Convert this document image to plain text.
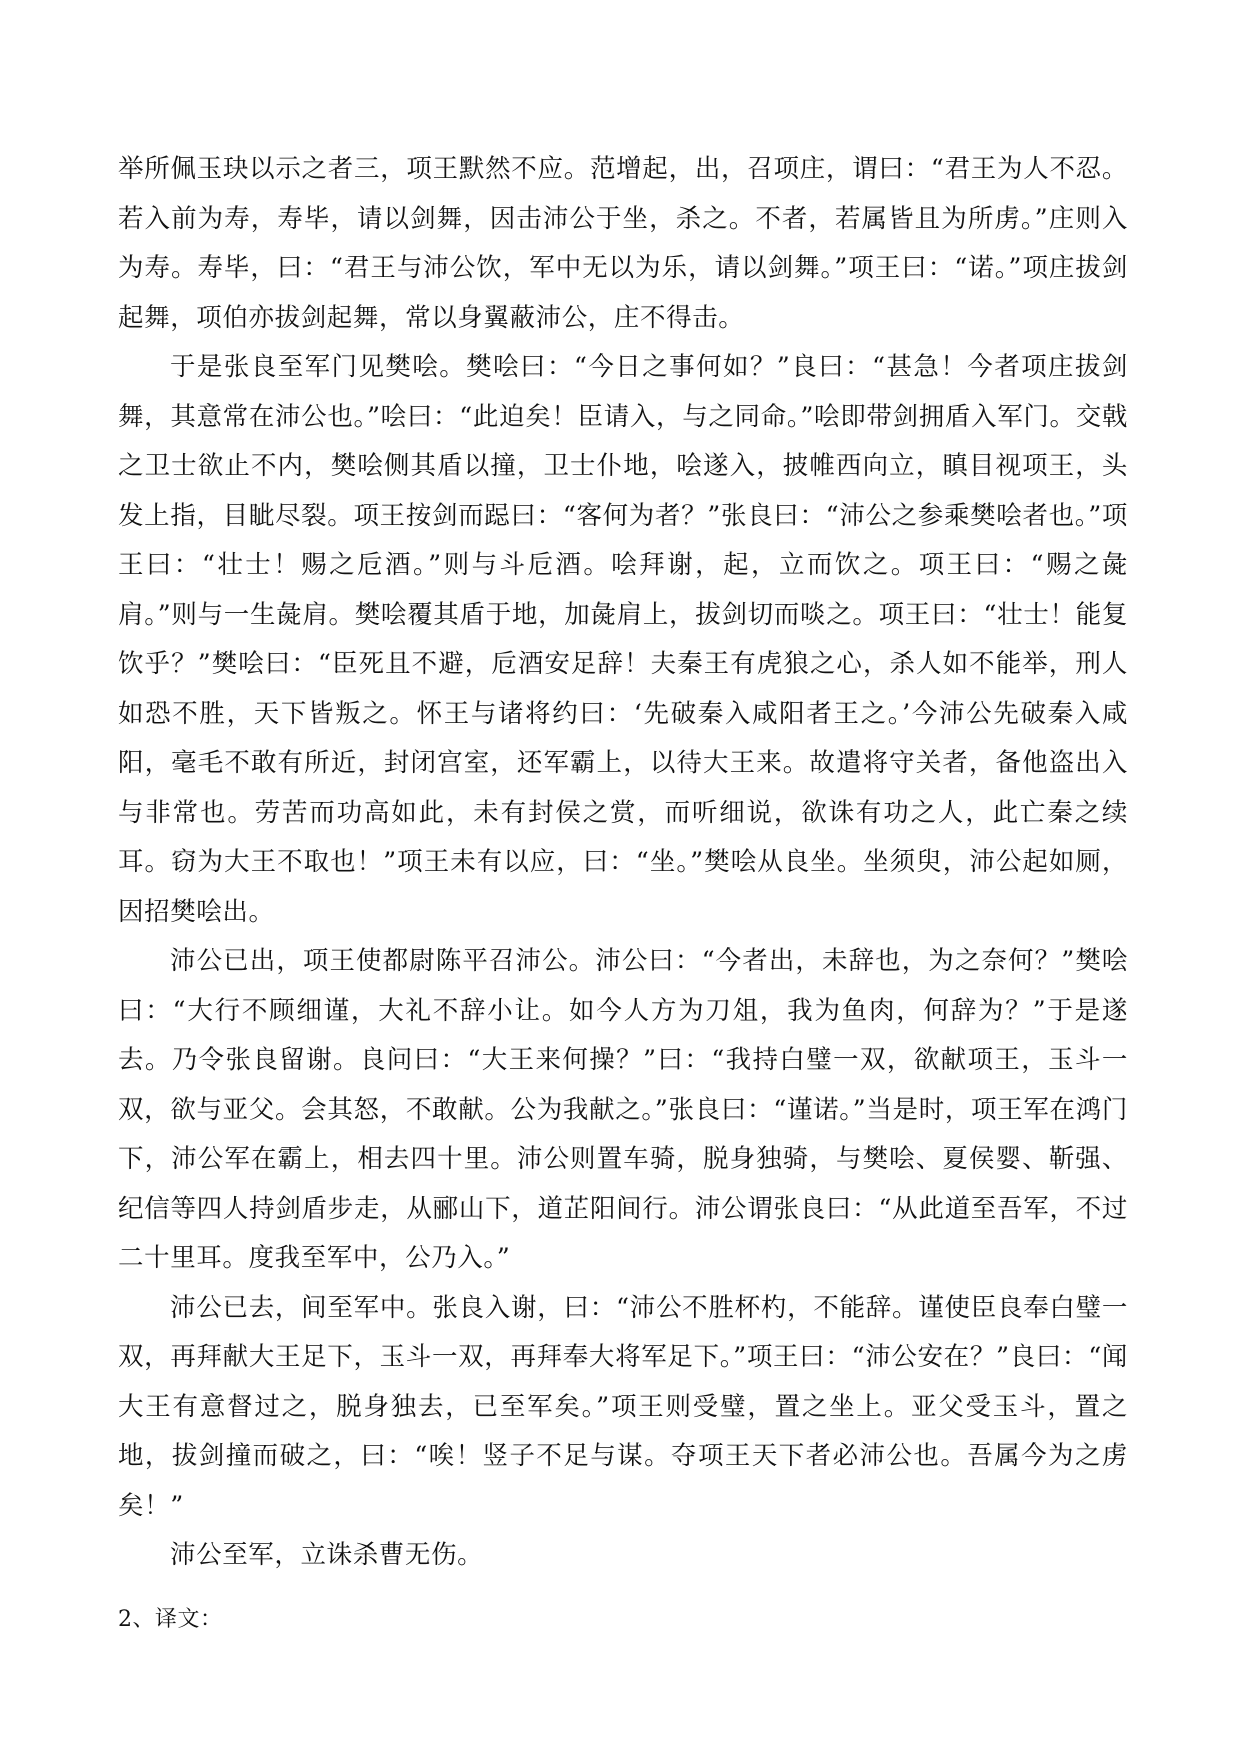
举所佩玉玦以示之者三，项王默然不应。范增起，出，召项庄，谓曰：“君王为人不忍。若入前为寿，寿毕，请以剑舞，因击沛公于坐，杀之。不者，若属皆且为所虏。”庄则入为寿。寿毕，曰：“君王与沛公饮，军中无以为乐，请以剑舞。”项王曰：“诺。”项庄拔剑起舞，项伯亦拔剑起舞，常以身翼蔽沛公，庄不得击。

于是张良至军门见樊哙。樊哙曰：“今日之事何如？”良曰：“甚急！今者项庄拔剑舞，其意常在沛公也。”哙曰：“此迫矣！臣请入，与之同命。”哙即带剑拥盾入军门。交戟之卫士欲止不内，樊哙侧其盾以撞，卫士仆地，哙遂入，披帷西向立，瞋目视项王，头发上指，目眦尽裂。项王按剑而跽曰：“客何为者？”张良曰：“沛公之参乘樊哙者也。”项王曰：“壮士！赐之卮酒。”则与斗卮酒。哙拜谢，起，立而饮之。项王曰：“赐之彘肩。”则与一生彘肩。樊哙覆其盾于地，加彘肩上，拔剑切而啖之。项王曰：“壮士！能复饮乎？”樊哙曰：“臣死且不避，卮酒安足辞！夫秦王有虎狼之心，杀人如不能举，刑人如恐不胜，天下皆叛之。怀王与诸将约曰：‘先破秦入咸阳者王之。’今沛公先破秦入咸阳，毫毛不敢有所近，封闭宫室，还军霸上，以待大王来。故遣将守关者，备他盗出入与非常也。劳苦而功高如此，未有封侯之赏，而听细说，欲诛有功之人，此亡秦之续耳。窃为大王不取也！”项王未有以应，曰：“坐。”樊哙从良坐。坐须臾，沛公起如厕，因招樊哙出。

沛公已出，项王使都尉陈平召沛公。沛公曰：“今者出，未辞也，为之奈何？”樊哙曰：“大行不顾细谨，大礼不辞小让。如今人方为刀俎，我为鱼肉，何辞为？”于是遂去。乃令张良留谢。良问曰：“大王来何操？”曰：“我持白璧一双，欲献项王，玉斗一双，欲与亚父。会其怒，不敢献。公为我献之。”张良曰：“谨诺。”当是时，项王军在鸿门下，沛公军在霸上，相去四十里。沛公则置车骑，脱身独骑，与樊哙、夏侯婴、靳强、纪信等四人持剑盾步走，从郦山下，道芷阳间行。沛公谓张良曰：“从此道至吾军，不过二十里耳。度我至军中，公乃入。”

沛公已去，间至军中。张良入谢，曰：“沛公不胜杯杓，不能辞。谨使臣良奉白璧一双，再拜献大王足下，玉斗一双，再拜奉大将军足下。”项王曰：“沛公安在？”良曰：“闻大王有意督过之，脱身独去，已至军矣。”项王则受璧，置之坐上。亚父受玉斗，置之地，拔剑撞而破之，曰：“唉！竖子不足与谋。夺项王天下者必沛公也。吾属今为之虏矣！”

沛公至军，立诛杀曹无伤。

2、译文：
